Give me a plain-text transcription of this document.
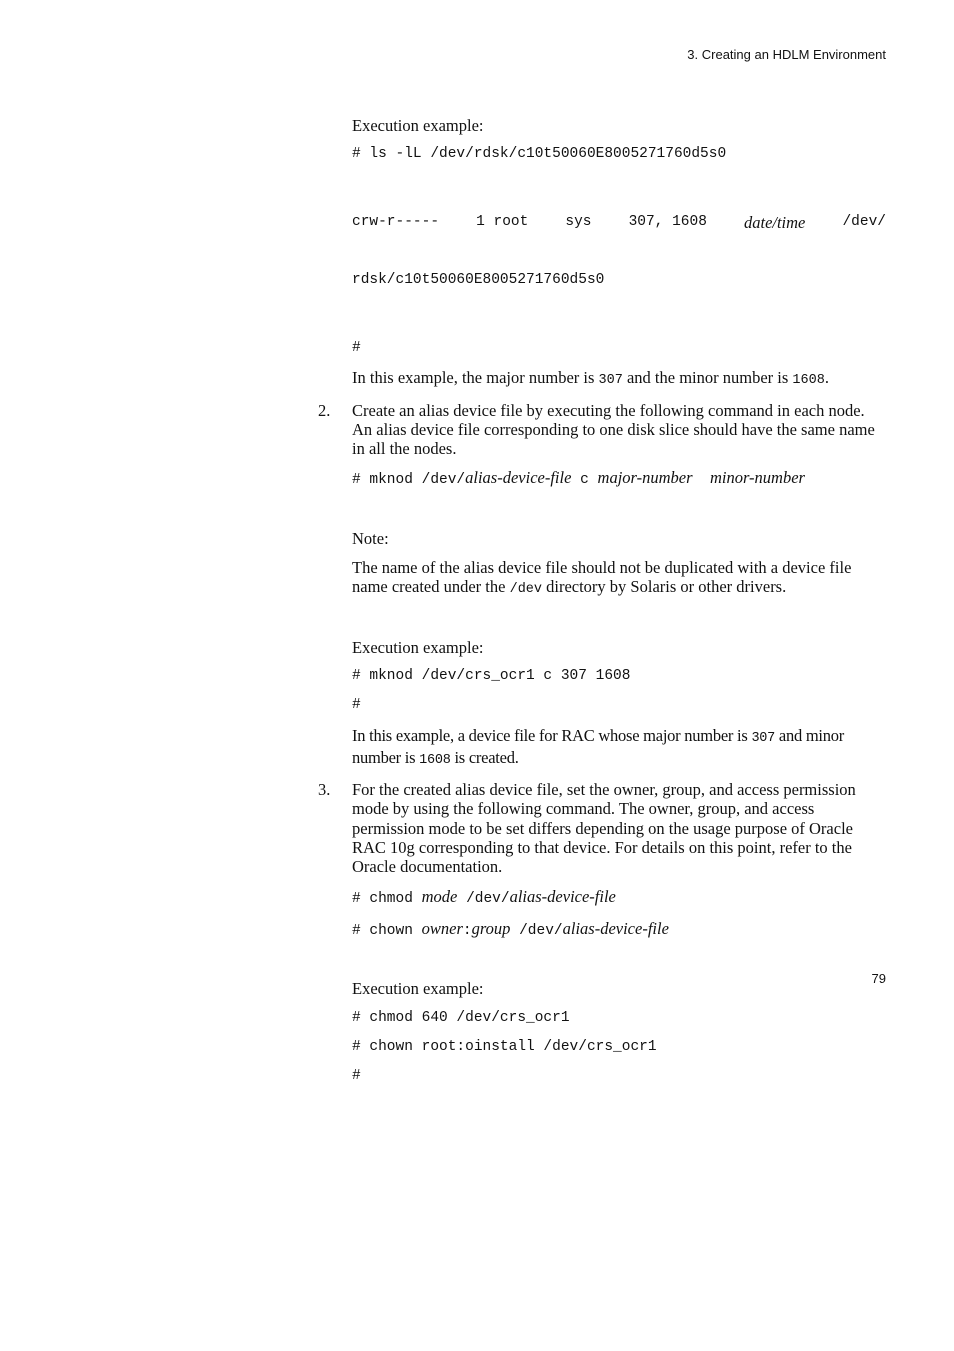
3. Creating an HDLM Environment

Execution example:

# ls -lL /dev/rdsk/c10t50060E8005271760d5s0

crw-r-----	1 root	sys	307, 1608 date/time	/dev/

rdsk/c10t50060E8005271760d5s0

#

In this example, the major number is 307 and the minor number is 1608.

2. Create an alias device file by executing the following command in each node. An alias device file corresponding to one disk slice should have the same name in all the nodes.

# mknod /dev/alias-device-file c major-number minor-number

Note:

The name of the alias device file should not be duplicated with a device file name created under the /dev directory by Solaris or other drivers.

Execution example:

# mknod /dev/crs_ocr1 c 307 1608
#

In this example, a device file for RAC whose major number is 307 and minor number is 1608 is created.

3. For the created alias device file, set the owner, group, and access permission mode by using the following command. The owner, group, and access permission mode to be set differs depending on the usage purpose of Oracle RAC 10g corresponding to that device. For details on this point, refer to the Oracle documentation.

# chmod mode /dev/alias-device-file
# chown owner:group /dev/alias-device-file

Execution example:

# chmod 640 /dev/crs_ocr1
# chown root:oinstall /dev/crs_ocr1
#
79
